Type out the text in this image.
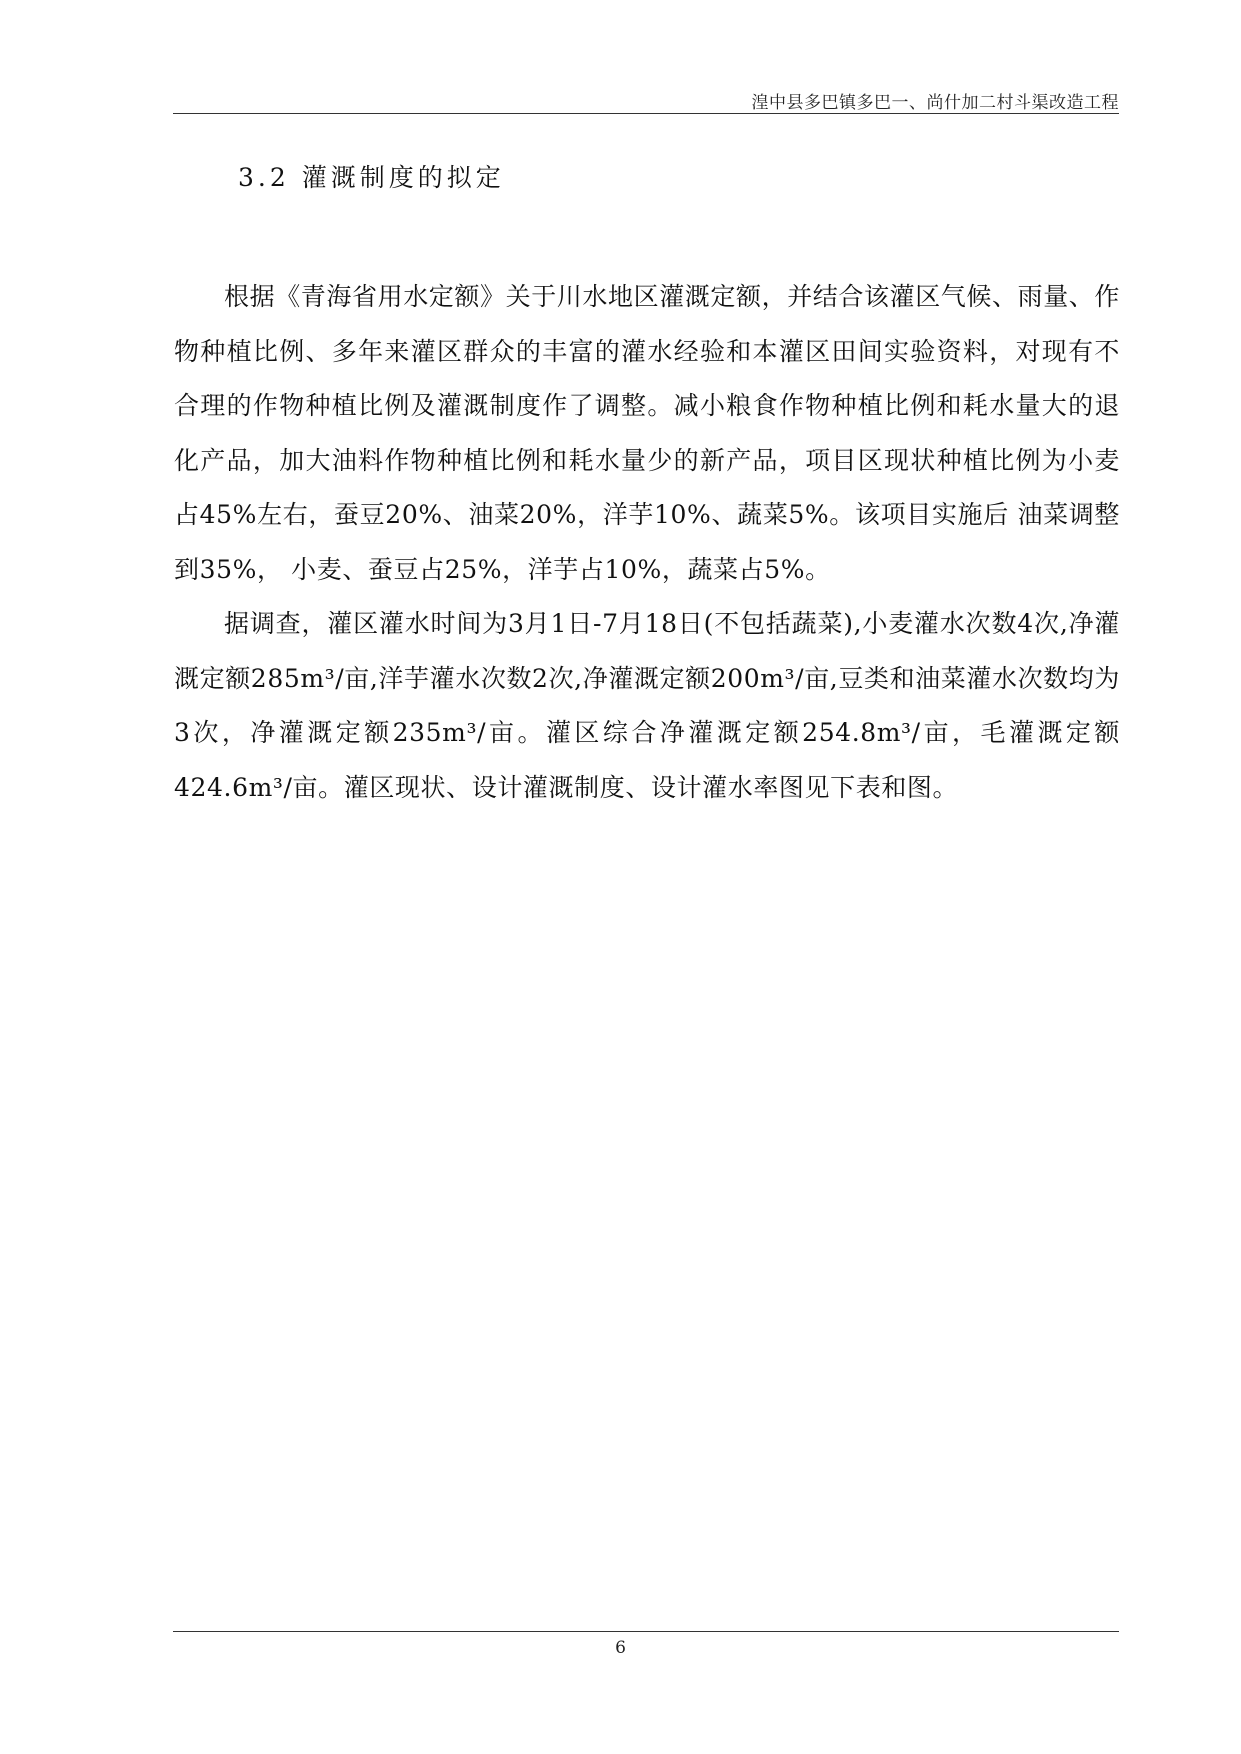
湟中县多巴镇多巴一、尚什加二村斗渠改造工程
3.2 灌溉制度的拟定

根据《青海省用水定额》关于川水地区灌溉定额，并结合该灌区气候、雨量、作物种植比例、多年来灌区群众的丰富的灌水经验和本灌区田间实验资料，对现有不合理的作物种植比例及灌溉制度作了调整。减小粮食作物种植比例和耗水量大的退化产品，加大油料作物种植比例和耗水量少的新产品，项目区现状种植比例为小麦占45%左右，蚕豆20%、油菜20%，洋芋10%、蔬菜5%。该项目实施后 油菜调整到35%， 小麦、蚕豆占25%，洋芋占10%，蔬菜占5%。

据调查，灌区灌水时间为3月1日-7月18日(不包括蔬菜),小麦灌水次数4次,净灌溉定额285m³/亩,洋芋灌水次数2次,净灌溉定额200m³/亩,豆类和油菜灌水次数均为3次，净灌溉定额235m³/亩。灌区综合净灌溉定额254.8m³/亩，毛灌溉定额424.6m³/亩。灌区现状、设计灌溉制度、设计灌水率图见下表和图。

6
